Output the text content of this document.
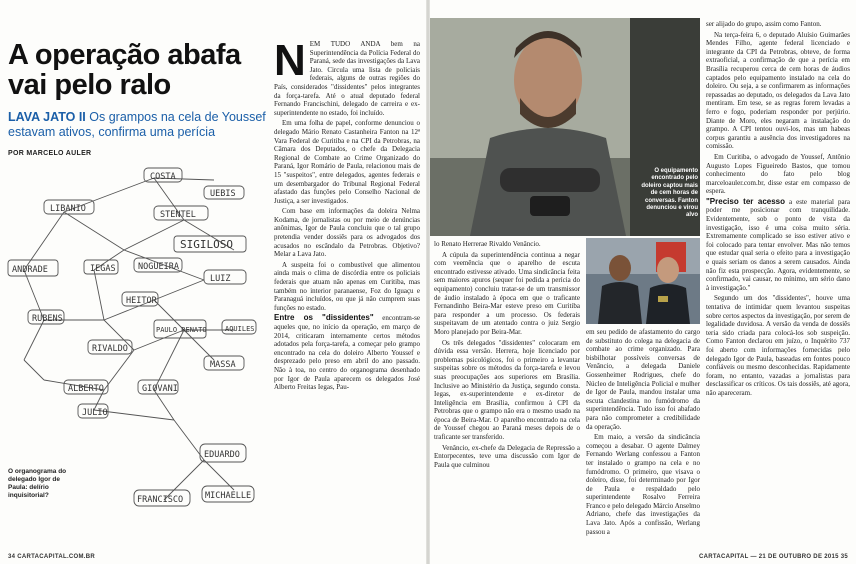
A operação abafa
vai pelo ralo
LAVA JATO II Os grampos na cela de Youssef estavam ativos, confirma uma perícia
POR MARCELO AULER
COSTA
LIBANIO
UEBIS
STENTEL
SIGILOSO
ANDRADE	IEGAS	NOGUEIRA
LUIZ
RUBENS
HEITOR
PAULO RENATO	AQUILES
RIVALDO
MASSA
ALBERTO	GIOVANI
JULIO
EDUARDO
FRANCISCO	MICHAELLE
O organograma do delegado Igor de Paula: delírio inquisitorial?

NEM TUDO ANDA bem na Superintendência da Polícia Federal do Paraná, sede das investigações da Lava Jato. Circula uma lista de policiais federais, alguns de outras regiões do País, considerados "dissidentes" pelos integrantes da força-tarefa. Até o atual deputado federal Fernando Francischini, delegado de carreira e ex-superintendente no estado, foi incluído.

Em uma folha de papel, conforme denunciou o delegado Mário Renato Castanheira Fanton na 12ª Vara Federal de Curitiba e na CPI da Petrobras, na Câmara dos Deputados, o chefe da Delegacia Regional de Combate ao Crime Organizado do Paraná, Igor Romário de Paula, relacionou mais de 15 "suspeitos", entre delegados, agentes federais e um desembargador do Tribunal Regional Federal afastado das funções pelo Conselho Nacional de Justiça, a ser investigados.

Com base em informações da doleira Nelma Kodama, de jornalistas ou por meio de denúncias anônimas, Igor de Paula concluiu que o tal grupo pretendia vender dossiês para os advogados dos acusados no escândalo da Petrobras. Objetivo? Melar a Lava Jato.

A suspeita foi o combustível que alimentou ainda mais o clima de discórdia entre os policiais federais que atuam não apenas em Curitiba, mas também no interior paranaense, Foz do Iguaçu e Paranaguá incluídos, ou que já não cumprem suas funções no estado.

Entre os "dissidentes" encontram-se aqueles que, no início da operação, em março de 2014, criticaram internamente certos métodos adotados pela força-tarefa, a começar pelo grampo encontrado na cela do doleiro Alberto Youssef e desprezado pelo preso em abril do ano passado. Não à toa, no centro do organograma desenhado por Igor de Paula aparecem os delegados José Alberto Freitas Iegas, Pau-

34 CARTACAPITAL.COM.BR
O equipamento encontrado pelo doleiro captou mais de cem horas de conversas. Fanton denunciou e virou alvo

lo Renato Herrerae Rivaldo Venâncio.

A cúpula da superintendência continua a negar com veemência que o aparelho de escuta encontrado estivesse ativado. Uma sindicância feita sem maiores apuros (sequer foi pedida a perícia do equipamento) concluiu tratar-se de um transmissor de áudio instalado à época em que o traficante Fernandinho Beira-Mar esteve preso em Curitiba para responder a um processo. Os federais suspeitavam de um atentado contra o juiz Sergio Moro planejado por Beira-Mar.

Os três delegados "dissidentes" colocaram em dúvida essa versão. Herrera, hoje licenciado por problemas psicológicos, foi o primeiro a levantar suspeitas sobre os métodos da força-tarefa e levou suas preocupações aos superiores em Brasília. Inclusive ao Ministério da Justiça, segundo consta. Iegas, ex-superintendente e ex-diretor de Inteligência em Brasília, confirmou à CPI da Petrobras que o grampo não era o mesmo usado na época de Beira-Mar. O aparelho encontrado na cela de Youssef chegou ao Paraná meses depois de o traficante ser transferido.

Venâncio, ex-chefe da Delegacia de Repressão a Entorpecentes, teve uma discussão com Igor de Paula que culminou

em seu pedido de afastamento do cargo de substituto do colega na delegacia de combate ao crime organizado. Para bisbilhotar possíveis conversas de Venâncio, a delegada Daniele Gossenheimer Rodrigues, chefe do Núcleo de Inteligência Policial e mulher de Igor de Paula, mandou instalar uma escuta clandestina no fumódromo da superintendência. Tudo isso foi abafado para não comprometer a credibilidade da operação.

Em maio, a versão da sindicância começou a desabar. O agente Dalmey Fernando Werlang confessou a Fanton ter instalado o grampo na cela e no fumódromo. O primeiro, que visava o doleiro, disse, foi determinado por Igor de Paula e respaldado pelo superintendente Rosalvo Ferreira Franco e pelo delegado Márcio Anselmo Adriano, chefe das investigações da Lava Jato. Após a confissão, Werlang passou a

ser alijado do grupo, assim como Fanton.

Na terça-feira 6, o deputado Aluísio Guimarães Mendes Filho, agente federal licenciado e integrante da CPI da Petrobras, obteve, de forma extraoficial, a confirmação de que a perícia em Brasília recuperou cerca de cem horas de áudios captados pelo equipamento instalado na cela do doleiro. Ou seja, a se confirmarem as informações repassadas ao deputado, os delegados da Lava Jato mentiram. Em tese, se as regras forem levadas a ferro e fogo, poderiam responder por perjúrio. Diante de Moro, eles negaram a instalação do grampo. A CPI tentou ouvi-los, mas um habeas corpus garantiu a ausência dos investigadores na comissão.

Em Curitiba, o advogado de Youssef, Antônio Augusto Lopes Figueiredo Bastos, que tomou conhecimento do fato pelo blog marceloauler.com.br, disse estar em compasso de espera.

"Preciso ter acesso a este material para poder me posicionar com tranquilidade. Evidentemente, sob o ponto de vista da investigação, isso é uma coisa muito séria. Extremamente complicado se isso estiver ativo e foi colocado para tentar envolver. Mas não temos que estudar qual seria o efeito para a investigação e quais seriam os danos a serem causados. Ainda não fiz esta prospecção. Agora, evidentemente, se confirmado, vai causar, no mínimo, um sério dano à investigação."

Segundo um dos "dissidentes", houve uma tentativa de intimidar quem levantou suspeitas sobre certos aspectos da investigação, por serem de legalidade duvidosa. A versão da venda de dossiês teria sido criada para colocá-los sob suspeição. Como Fanton declarou em juízo, o Inquérito 737 foi aberto com informações fornecidas pelo delegado Igor de Paula, baseadas em fontes pouco confiáveis ou mesmo desconhecidas. Rapidamente foram, no entanto, vazadas a jornalistas para desclassificar os críticos. Os tais dossiês, até agora, não apareceram.

CARTACAPITAL — 21 DE OUTUBRO DE 2015 35
